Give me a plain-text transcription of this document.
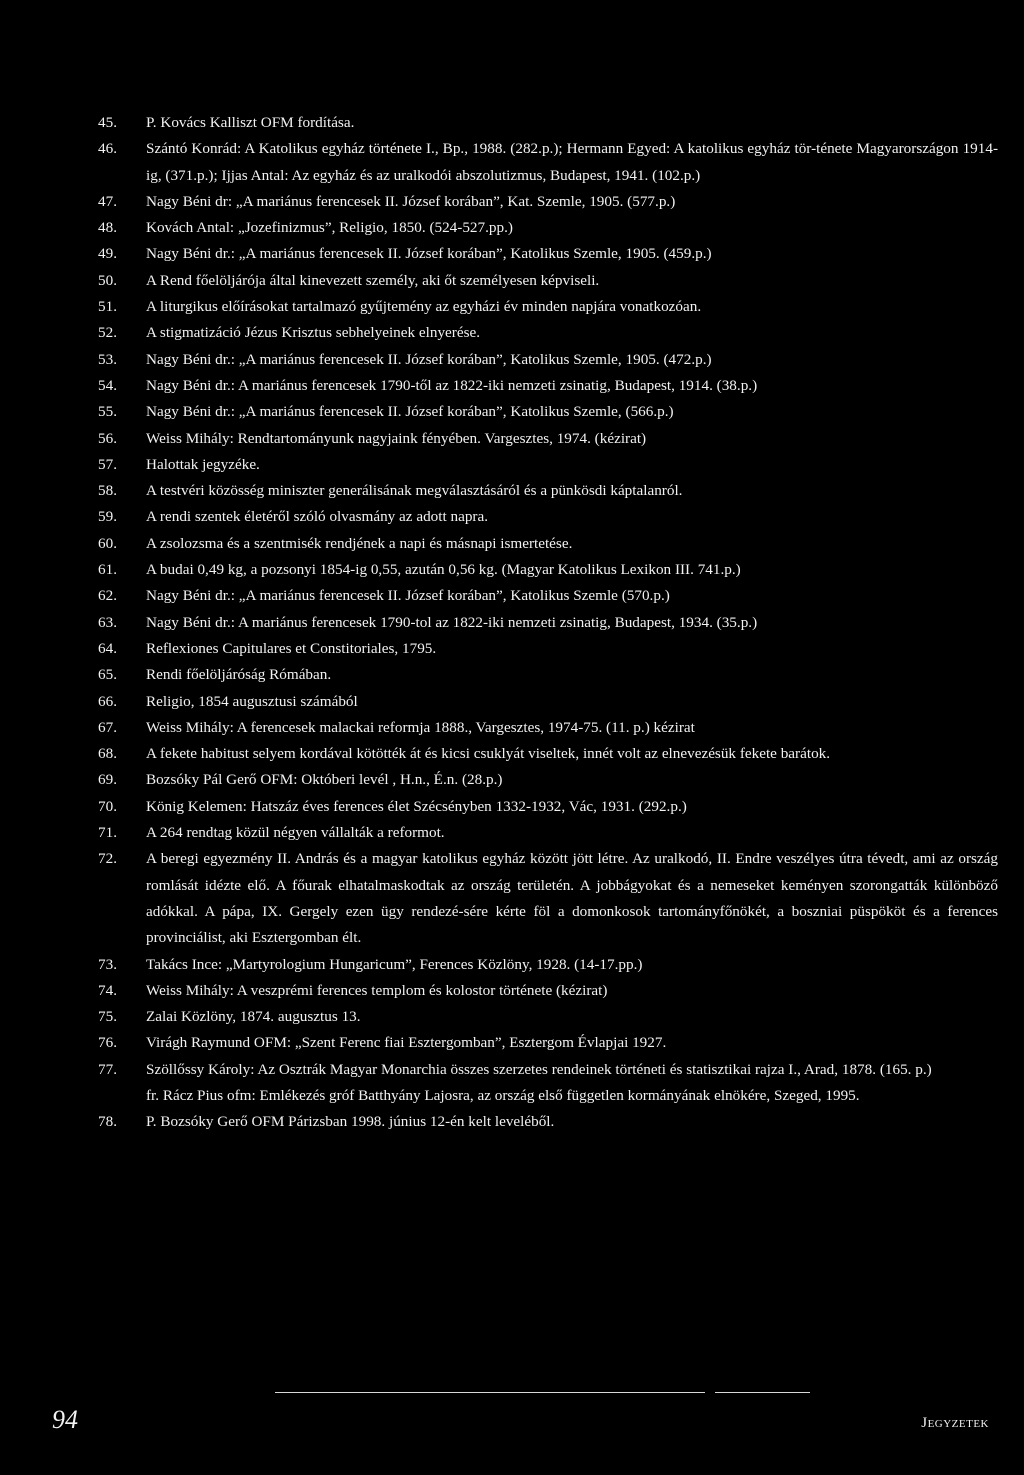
45.	P. Kovács Kalliszt OFM fordítása.
46.	Szántó Konrád: A Katolikus egyház története I., Bp., 1988. (282.p.); Hermann Egyed: A katolikus egyház tör-ténete Magyarországon 1914-ig, (371.p.); Ijjas Antal: Az egyház és az uralkodói abszolutizmus, Budapest, 1941. (102.p.)
47.	Nagy Béni dr: „A mariánus ferencesek II. József korában”, Kat. Szemle, 1905. (577.p.)
48.	Kovách Antal: „Jozefinizmus”, Religio, 1850. (524-527.pp.)
49.	Nagy Béni dr.: „A mariánus ferencesek II. József korában”, Katolikus Szemle, 1905. (459.p.)
50.	A Rend főelöljárója által kinevezett személy, aki őt személyesen képviseli.
51.	A liturgikus előírásokat tartalmazó gyűjtemény az egyházi év minden napjára vonatkozóan.
52.	A stigmatizáció Jézus Krisztus sebhelyeinek elnyerése.
53.	Nagy Béni dr.: „A mariánus ferencesek II. József korában”, Katolikus Szemle, 1905. (472.p.)
54.	Nagy Béni dr.: A mariánus ferencesek 1790-től az 1822-iki nemzeti zsinatig, Budapest, 1914. (38.p.)
55.	Nagy Béni dr.: „A mariánus ferencesek II. József korában”, Katolikus Szemle, (566.p.)
56.	Weiss Mihály: Rendtartományunk nagyjaink fényében. Vargesztes, 1974. (kézirat)
57.	Halottak jegyzéke.
58.	A testvéri közösség miniszter generálisának megválasztásáról és a pünkösdi káptalanról.
59.	A rendi szentek életéről szóló olvasmány az adott napra.
60.	A zsolozsma és a szentmisék rendjének a napi és másnapi ismertetése.
61.	A budai 0,49 kg, a pozsonyi 1854-ig 0,55, azután 0,56 kg. (Magyar Katolikus Lexikon III. 741.p.)
62.	Nagy Béni dr.: „A mariánus ferencesek II. József korában”, Katolikus Szemle (570.p.)
63.	Nagy Béni dr.: A mariánus ferencesek 1790-tol az 1822-iki nemzeti zsinatig, Budapest, 1934. (35.p.)
64.	Reflexiones Capitulares et Constitoriales, 1795.
65.	Rendi főelöljáróság Rómában.
66.	Religio, 1854 augusztusi számából
67.	Weiss Mihály: A ferencesek malackai reformja 1888., Vargesztes, 1974-75. (11. p.) kézirat
68.	A fekete habitust selyem kordával kötötték át és kicsi csuklyát viseltek, innét volt az elnevezésük fekete barátok.
69.	Bozsóky Pál Gerő OFM: Októberi levél , H.n., É.n. (28.p.)
70.	König Kelemen: Hatszáz éves ferences élet Szécsényben 1332-1932, Vác, 1931. (292.p.)
71.	A 264 rendtag közül négyen vállalták a reformot.
72.	A beregi egyezmény II. András és a magyar katolikus egyház között jött létre. Az uralkodó, II. Endre veszélyes útra tévedt, ami az ország romlását idézte elő. A főurak elhatalmaskodtak az ország területén. A jobbágyokat és a nemeseket keményen szorongatták különböző adókkal. A pápa, IX. Gergely ezen ügy rendezé-sére kérte föl a domonkosok tartományfőnökét, a boszniai püspököt és a ferences provinciálist, aki Esztergomban élt.
73.	Takács Ince: „Martyrologium Hungaricum”, Ferences Közlöny, 1928. (14-17.pp.)
74.	Weiss Mihály: A veszprémi ferences templom és kolostor története (kézirat)
75.	Zalai Közlöny, 1874. augusztus 13.
76.	Virágh Raymund OFM: „Szent Ferenc fiai Esztergomban”, Esztergom Évlapjai 1927.
77.	Szöllőssy Károly: Az Osztrák Magyar Monarchia összes szerzetes rendeinek történeti és statisztikai rajza I., Arad, 1878. (165. p.)
fr. Rácz Pius ofm: Emlékezés gróf Batthyány Lajosra, az ország első független kormányának elnökére, Szeged, 1995.
78.	P. Bozsóky Gerő OFM Párizsban 1998. június 12-én kelt leveléből.
94	Jegyzetek
